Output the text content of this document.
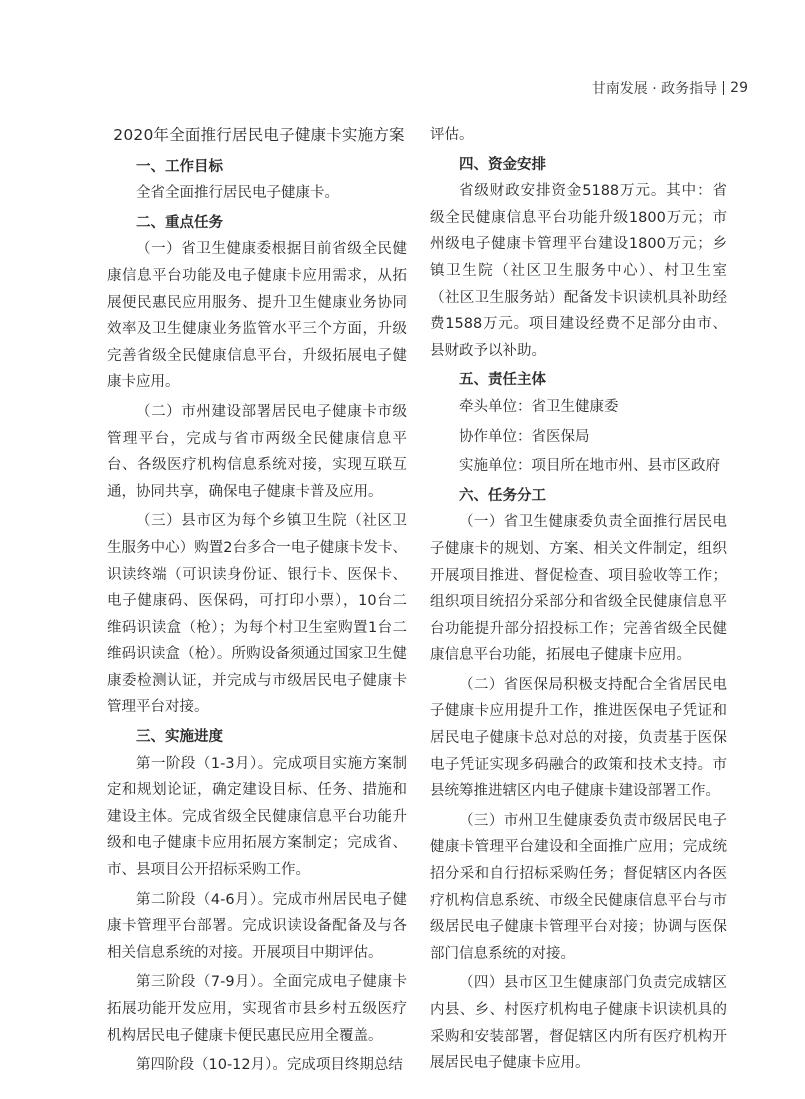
甘南发展 · 政务指导 29
2020年全面推行居民电子健康卡实施方案
一、工作目标
全省全面推行居民电子健康卡。
二、重点任务
（一）省卫生健康委根据目前省级全民健康信息平台功能及电子健康卡应用需求，从拓展便民惠民应用服务、提升卫生健康业务协同效率及卫生健康业务监管水平三个方面，升级完善省级全民健康信息平台，升级拓展电子健康卡应用。
（二）市州建设部署居民电子健康卡市级管理平台，完成与省市两级全民健康信息平台、各级医疗机构信息系统对接，实现互联互通，协同共享，确保电子健康卡普及应用。
（三）县市区为每个乡镇卫生院（社区卫生服务中心）购置2台多合一电子健康卡发卡、识读终端（可识读身份证、银行卡、医保卡、电子健康码、医保码，可打印小票），10台二维码识读盒（枪）；为每个村卫生室购置1台二维码识读盒（枪）。所购设备须通过国家卫生健康委检测认证，并完成与市级居民电子健康卡管理平台对接。
三、实施进度
第一阶段（1-3月）。完成项目实施方案制定和规划论证，确定建设目标、任务、措施和建设主体。完成省级全民健康信息平台功能升级和电子健康卡应用拓展方案制定；完成省、市、县项目公开招标采购工作。
第二阶段（4-6月）。完成市州居民电子健康卡管理平台部署。完成识读设备配备及与各相关信息系统的对接。开展项目中期评估。
第三阶段（7-9月）。全面完成电子健康卡拓展功能开发应用，实现省市县乡村五级医疗机构居民电子健康卡便民惠民应用全覆盖。
第四阶段（10-12月）。完成项目终期总结
评估。
四、资金安排
省级财政安排资金5188万元。其中：省级全民健康信息平台功能升级1800万元；市州级电子健康卡管理平台建设1800万元；乡镇卫生院（社区卫生服务中心）、村卫生室（社区卫生服务站）配备发卡识读机具补助经费1588万元。项目建设经费不足部分由市、县财政予以补助。
五、责任主体
牵头单位：省卫生健康委
协作单位：省医保局
实施单位：项目所在地市州、县市区政府
六、任务分工
（一）省卫生健康委负责全面推行居民电子健康卡的规划、方案、相关文件制定，组织开展项目推进、督促检查、项目验收等工作；组织项目统招分采部分和省级全民健康信息平台功能提升部分招投标工作；完善省级全民健康信息平台功能，拓展电子健康卡应用。
（二）省医保局积极支持配合全省居民电子健康卡应用提升工作，推进医保电子凭证和居民电子健康卡总对总的对接，负责基于医保电子凭证实现多码融合的政策和技术支持。市县统筹推进辖区内电子健康卡建设部署工作。
（三）市州卫生健康委负责市级居民电子健康卡管理平台建设和全面推广应用；完成统招分采和自行招标采购任务；督促辖区内各医疗机构信息系统、市级全民健康信息平台与市级居民电子健康卡管理平台对接；协调与医保部门信息系统的对接。
（四）县市区卫生健康部门负责完成辖区内县、乡、村医疗机构电子健康卡识读机具的采购和安装部署，督促辖区内所有医疗机构开展居民电子健康卡应用。
